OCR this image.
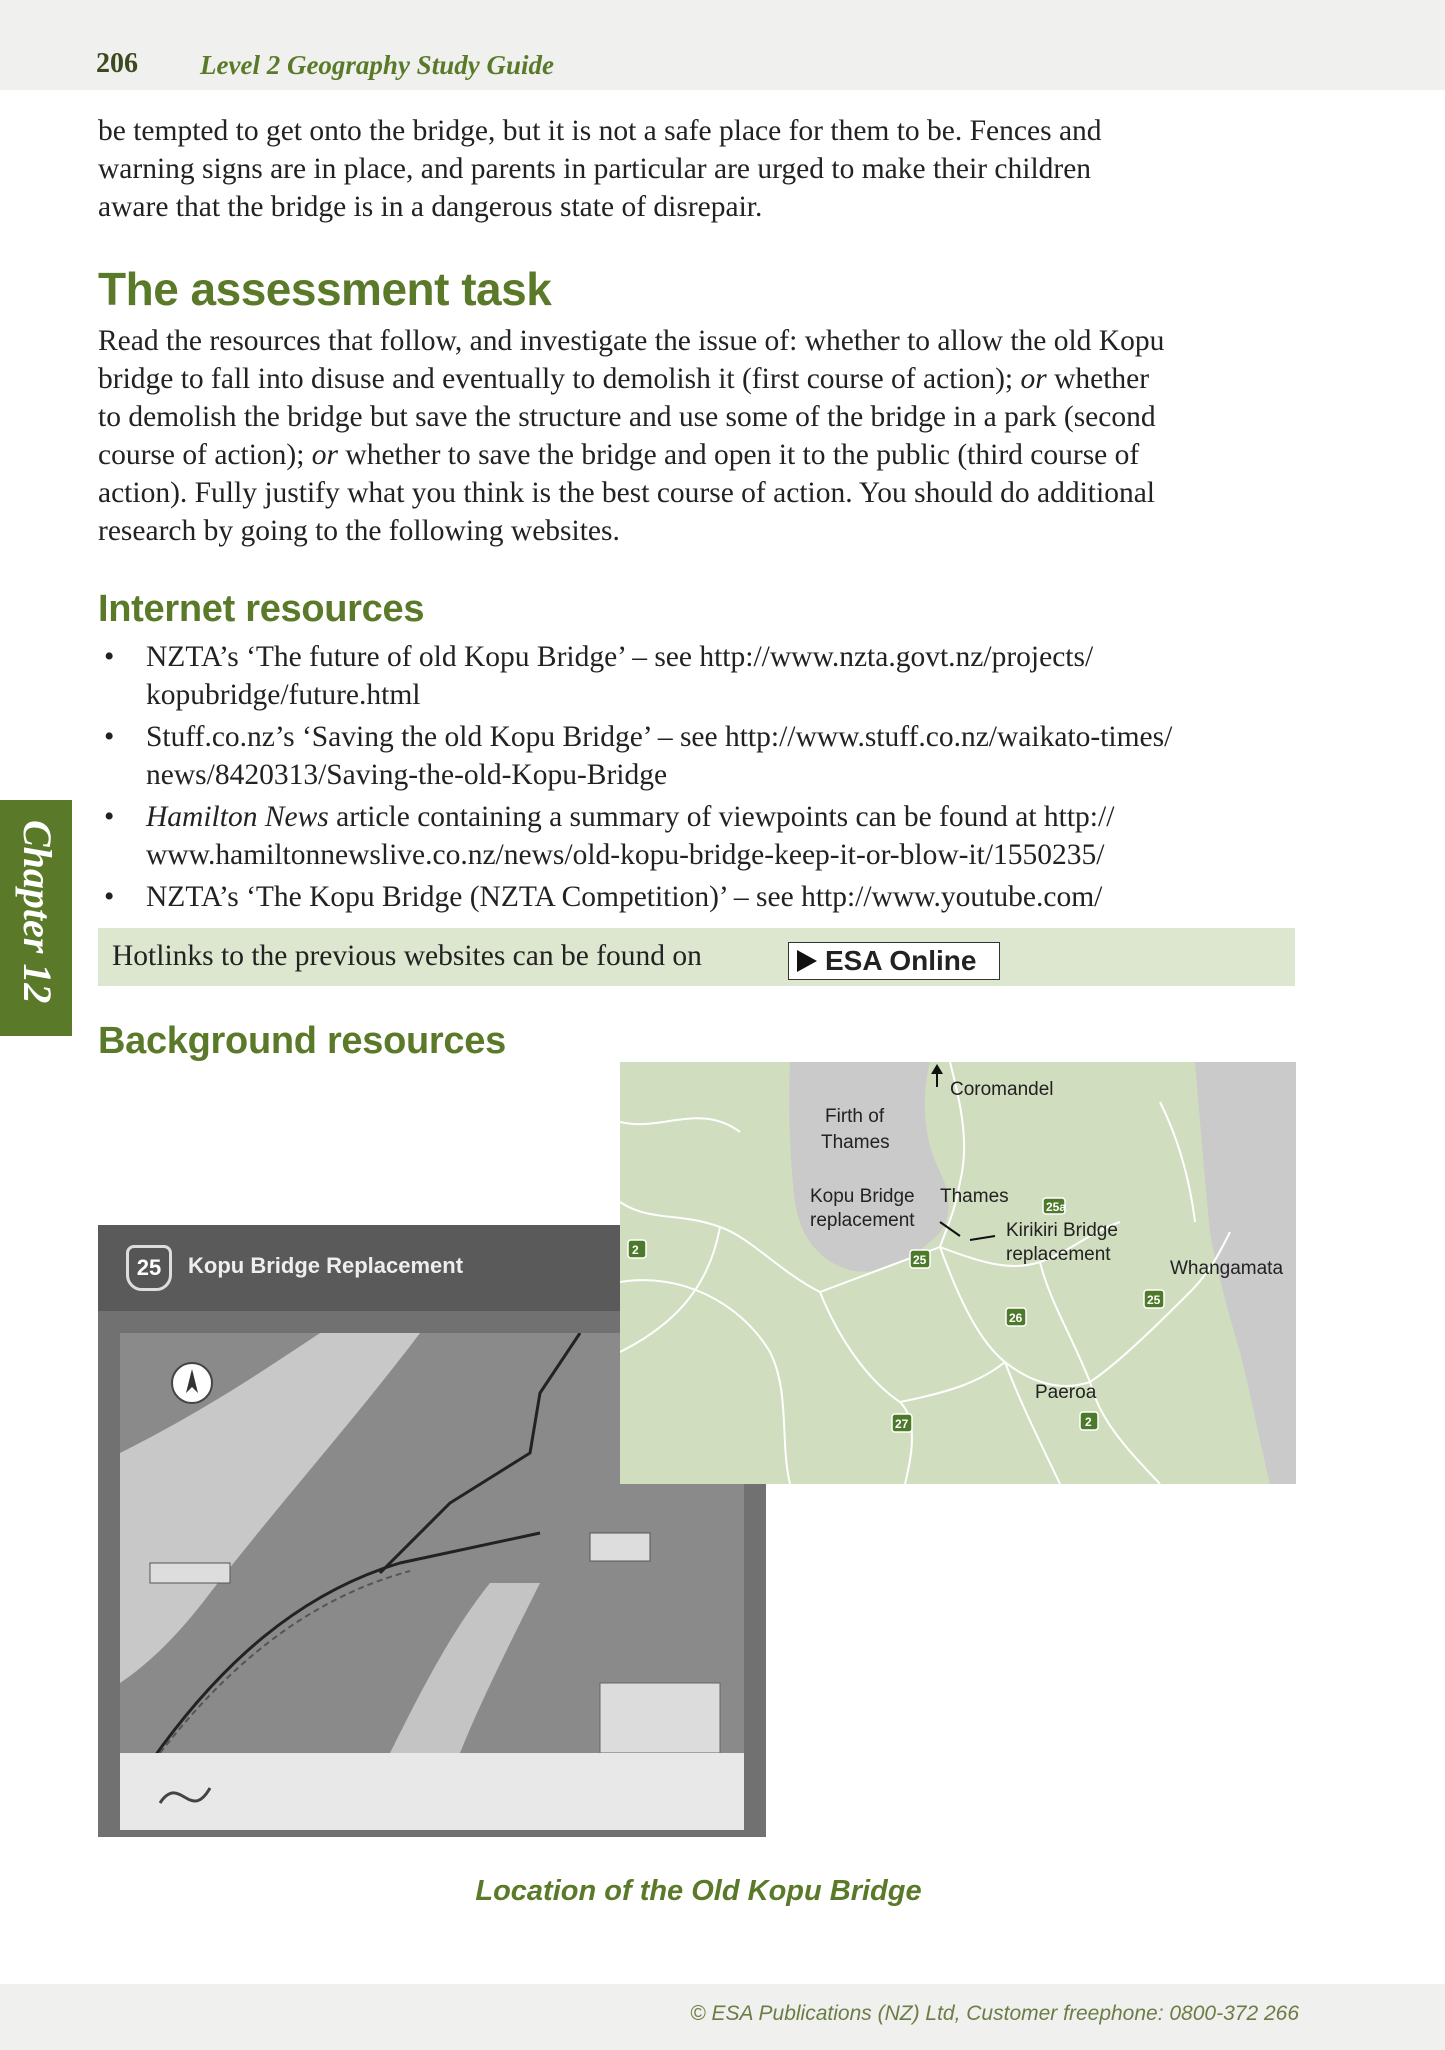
206 Level 2 Geography Study Guide
be tempted to get onto the bridge, but it is not a safe place for them to be. Fences and
warning signs are in place, and parents in particular are urged to make their children
aware that the bridge is in a dangerous state of disrepair.
The assessment task
Read the resources that follow, and investigate the issue of: whether to allow the old Kopu
bridge to fall into disuse and eventually to demolish it (first course of action); or whether
to demolish the bridge but save the structure and use some of the bridge in a park (second
course of action); or whether to save the bridge and open it to the public (third course of
action). Fully justify what you think is the best course of action. You should do additional
research by going to the following websites.
Internet resources
• NZTA’s ‘The future of old Kopu Bridge’ – see http://www.nzta.govt.nz/projects/
kopubridge/future.html
• Stuff.co.nz’s ‘Saving the old Kopu Bridge’ – see http://www.stuff.co.nz/waikato-times/
news/8420313/Saving-the-old-Kopu-Bridge
• Hamilton News article containing a summary of viewpoints can be found at http://
www.hamiltonnewslive.co.nz/news/old-kopu-bridge-keep-it-or-blow-it/1550235/
• NZTA’s ‘The Kopu Bridge (NZTA Competition)’ – see http://www.youtube.com/
Hotlinks to the previous websites can be found on	ESA Online
Chapter 12
Background resources
25	Kopu Bridge Replacement
2
25
25a
25
26
27	2
Coromandel
Firth of
Thames
Kopu Bridge
replacement
Thames
Kirikiri Bridge
replacement
Whangamata
Paeroa
Location of the Old Kopu Bridge
© ESA Publications (NZ) Ltd, Customer freephone: 0800-372 266
